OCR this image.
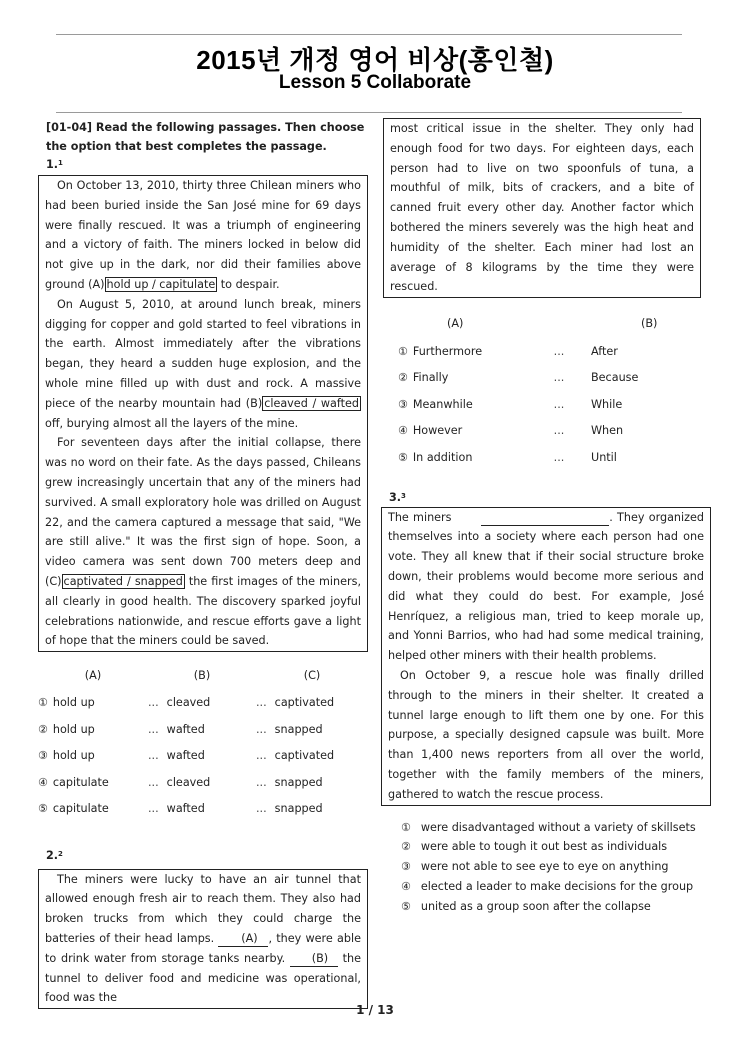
2015년 개정 영어 비상(홍인철)
Lesson 5 Collaborate
[01-04] Read the following passages. Then choose the option that best completes the passage.
1.$^1$

On October 13, 2010, thirty three Chilean miners who had been buried inside the San José mine for 69 days were finally rescued. It was a triumph of engineering and a victory of faith. The miners locked in below did not give up in the dark, nor did their families above ground (A) hold up / capitulate to despair.

On August 5, 2010, at around lunch break, miners digging for copper and gold started to feel vibrations in the earth. Almost immediately after the vibrations began, they heard a sudden huge explosion, and the whole mine filled up with dust and rock. A massive piece of the nearby mountain had (B) cleaved / wafted off, burying almost all the layers of the mine.

For seventeen days after the initial collapse, there was no word on their fate. As the days passed, Chileans grew increasingly uncertain that any of the miners had survived. A small exploratory hole was drilled on August 22, and the camera captured a message that said, "We are still alive." It was the first sign of hope. Soon, a video camera was sent down 700 meters deep and (C) captivated / snapped the first images of the miners, all clearly in good health. The discovery sparked joyful celebrations nationwide, and rescue efforts gave a light of hope that the miners could be saved.

(A)	(B)	(C)
① hold up	... cleaved	... captivated
② hold up	... wafted	... snapped
③ hold up	... wafted	... captivated
④ capitulate	... cleaved	... snapped
⑤ capitulate	... wafted	... snapped
2.$^2$

The miners were lucky to have an air tunnel that allowed enough fresh air to reach them. They also had broken trucks from which they could charge the batteries of their head lamps. (A) , they were able to drink water from storage tanks nearby. (B) the tunnel to deliver food and medicine was operational, food was the

most critical issue in the shelter. They only had enough food for two days. For eighteen days, each person had to live on two spoonfuls of tuna, a mouthful of milk, bits of crackers, and a bite of canned fruit every other day. Another factor which bothered the miners severely was the high heat and humidity of the shelter. Each miner had lost an average of 8 kilograms by the time they were rescued.

(A)		(B)
① Furthermore	...	After
② Finally	...	Because
③ Meanwhile	...	While
④ However	...	When
⑤ In addition	...	Until
3.$^3$

The miners	. They organized themselves into a society where each person had one vote. They all knew that if their social structure broke down, their problems would become more serious and did what they could do best. For example, José Henríquez, a religious man, tried to keep morale up, and Yonni Barrios, who had had some medical training, helped other miners with their health problems.

On October 9, a rescue hole was finally drilled through to the miners in their shelter. It created a tunnel large enough to lift them one by one. For this purpose, a specially designed capsule was built. More than 1,400 news reporters from all over the world, together with the family members of the miners, gathered to watch the rescue process.

① were disadvantaged without a variety of skillsets
② were able to tough it out best as individuals
③ were not able to see eye to eye on anything
④ elected a leader to make decisions for the group
⑤ united as a group soon after the collapse
1 / 13
